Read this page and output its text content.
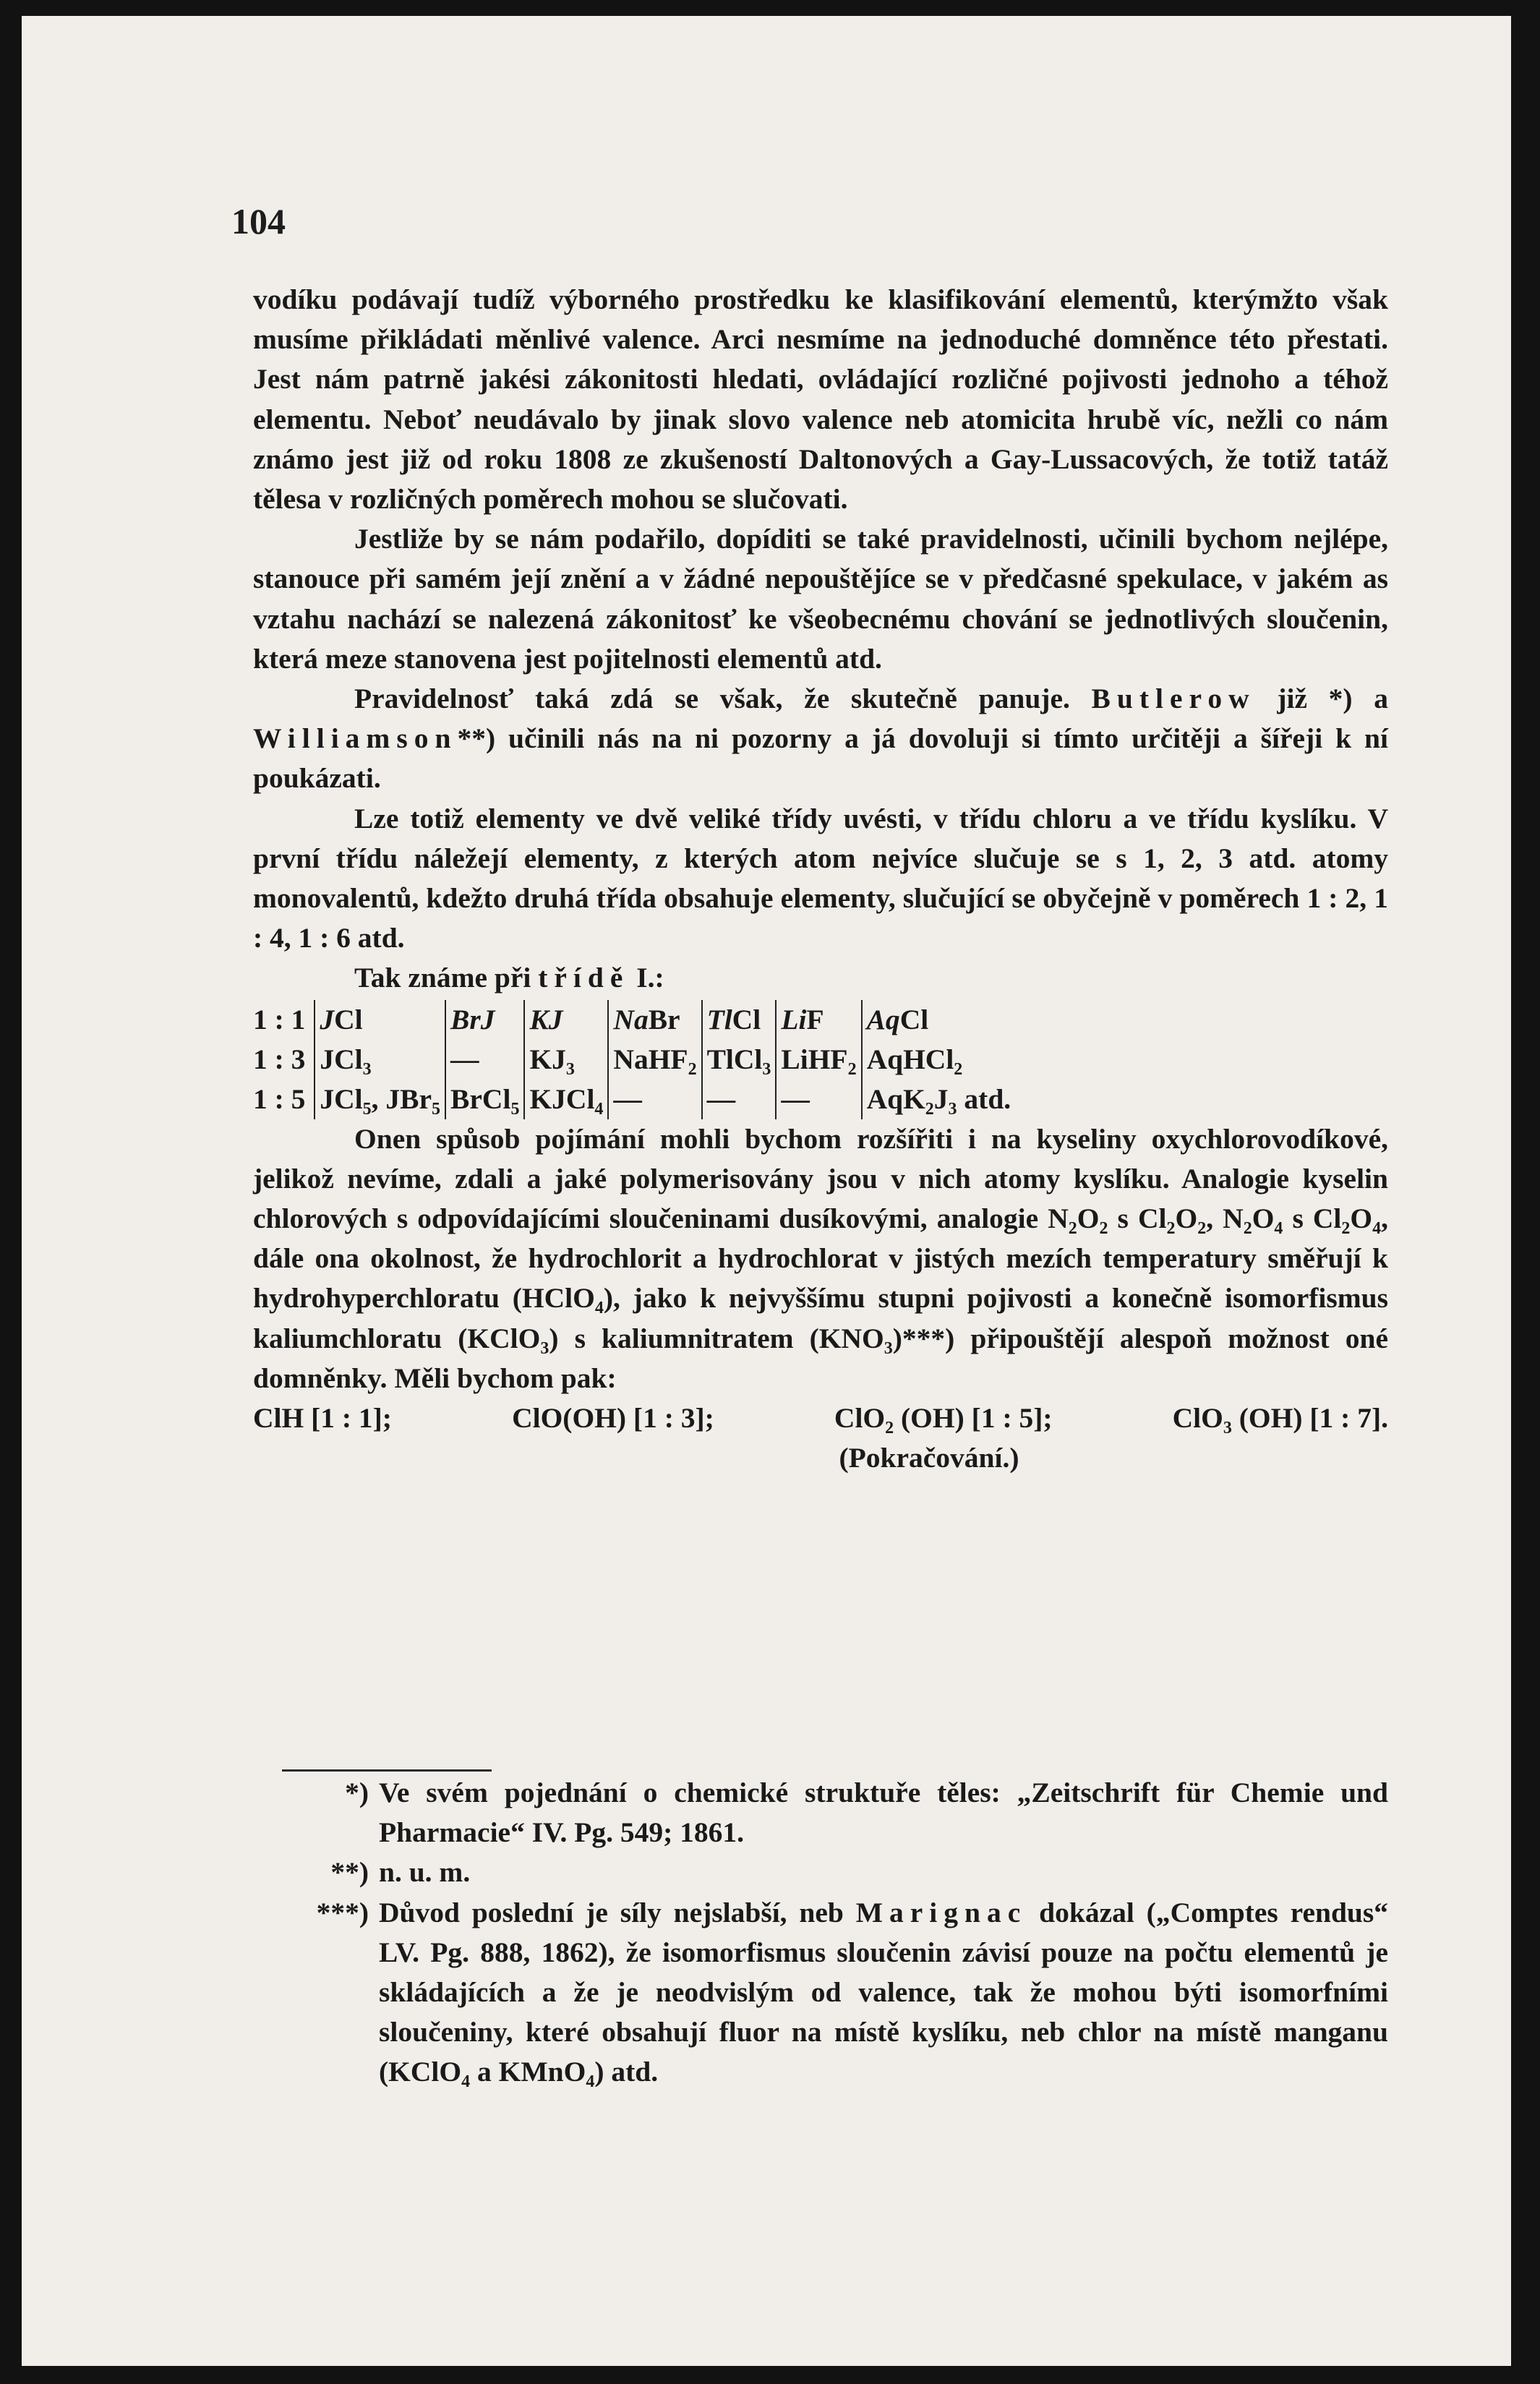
104

vodíku podávají tudíž výborného prostředku ke klasifikování elementů, kterýmžto však musíme přikládati měnlivé valence. Arci nesmíme na jednoduché domněnce této přestati. Jest nám patrně jakési zákonitosti hledati, ovládající rozličné pojivosti jednoho a téhož elementu. Neboť neudávalo by jinak slovo valence neb atomicita hrubě víc, nežli co nám známo jest již od roku 1808 ze zkušeností Daltonových a Gay-Lussacových, že totiž tatáž tělesa v rozličných poměrech mohou se slučovati.

Jestliže by se nám podařilo, dopíditi se také pravidelnosti, učinili bychom nejlépe, stanouce při samém její znění a v žádné nepouštějíce se v předčasné spekulace, v jakém as vztahu nachází se nalezená zákonitosť ke všeobecnému chování se jednotlivých sloučenin, která meze stanovena jest pojitelnosti elementů atd.

Pravidelnosť taká zdá se však, že skutečně panuje. Butlerow již *) a Williamson**) učinili nás na ni pozorny a já dovoluji si tímto určitěji a šířeji k ní poukázati.

Lze totiž elementy ve dvě veliké třídy uvésti, v třídu chloru a ve třídu kyslíku. V první třídu náležejí elementy, z kterých atom nejvíce slučuje se s 1, 2, 3 atd. atomy monovalentů, kdežto druhá třída obsahuje elementy, slučující se obyčejně v poměrech 1 : 2, 1 : 4, 1 : 6 atd.

Tak známe při třídě I.:

1 : 1	JCl	BrJ	KJ	NaBr	TlCl	LiF	AqCl
1 : 3	JCl$_3$	—	$KJ_3$	NaHF$_2$	TlCl$_3$	LiHF$_2$	AqHCl$_2$
1 : 5	JCl$_5$, JBr$_5$	BrCl$_5$	KJCl$_4$	—	—	—	$AqK_2J_3$ atd.

Onen spůsob pojímání mohli bychom rozšířiti i na kyseliny oxychlorovodíkové, jelikož nevíme, zdali a jaké polymerisovány jsou v nich atomy kyslíku. Analogie kyselin chlorových s odpovídajícími sloučeninami dusíkovými, analogie $N_2O_2$ s $Cl_2O_2$, $N_2O_4$ s $Cl_2O_4$, dále ona okolnost, že hydrochlorit a hydrochlorat v jistých mezích temperatury směřují k hydrohyperchloratu (HClO$_4$), jako k nejvyššímu stupni pojivosti a konečně isomorfismus kaliumchloratu (KClO$_3$) s kaliumnitratem $(KNO_3)***$) připouštějí alespoň možnost oné domněnky. Měli bychom pak:

ClH [1 : 1];	ClO(OH) [1 : 3];	ClO$_2$ (OH) [1 : 5];	ClO$_3$ (OH) [1 : 7].
(Pokračování.)
*) Ve svém pojednání o chemické struktuře těles: „Zeitschrift für Chemie und Pharmacie“ IV. Pg. 549; 1861.
**) n. u. m.
***) Důvod poslední je síly nejslabší, neb Marignac dokázal („Comptes rendus“ LV. Pg. 888, 1862), že isomorfismus sloučenin závisí pouze na počtu elementů je skládajících a že je neodvislým od valence, tak že mohou býti isomorfními sloučeniny, které obsahují fluor na místě kyslíku, neb chlor na místě manganu (KClO$_4$ a KMnO$_4$) atd.
